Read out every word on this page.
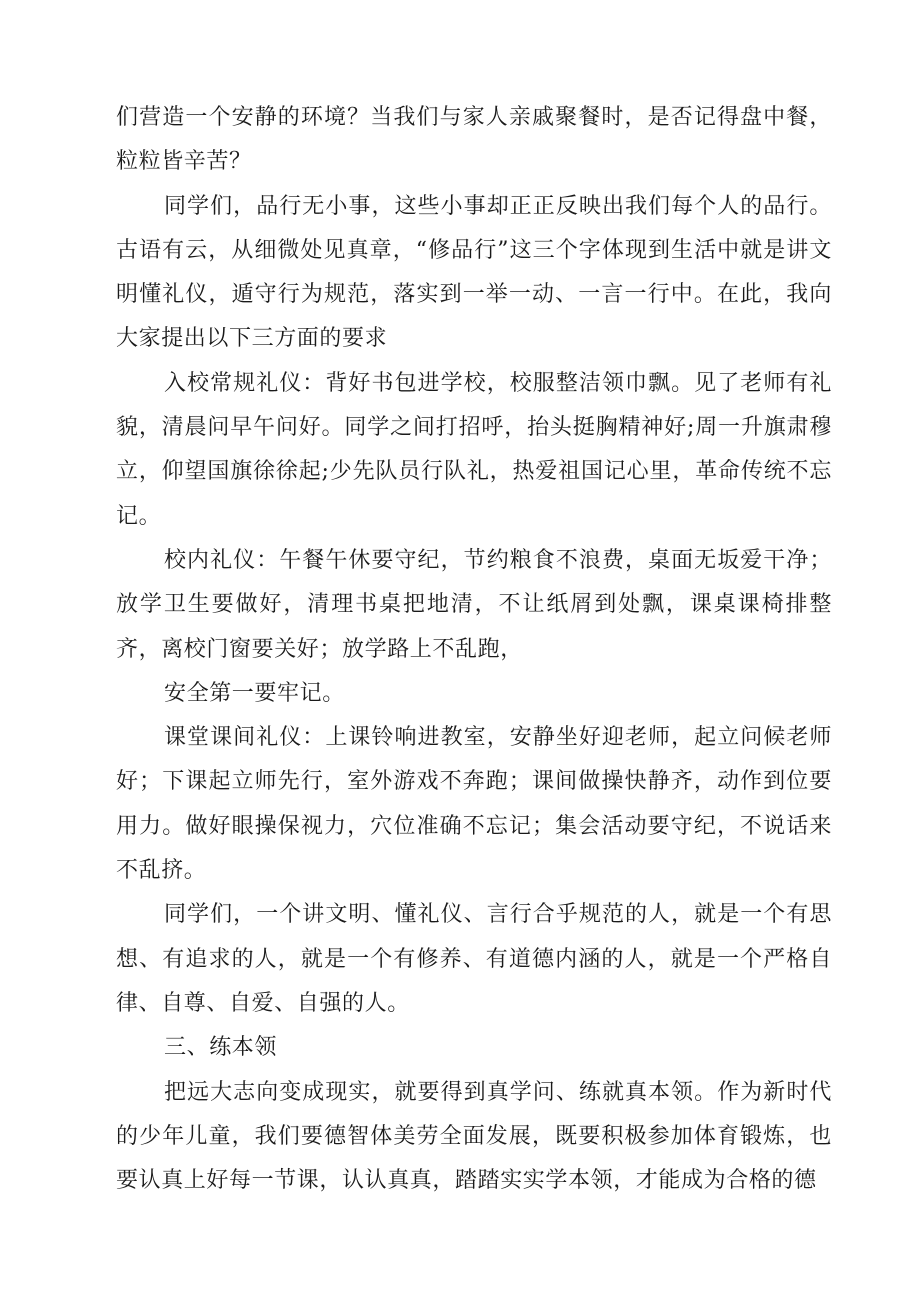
们营造一个安静的环境？当我们与家人亲戚聚餐时，是否记得盘中餐，粒粒皆辛苦？

同学们，品行无小事，这些小事却正正反映出我们每个人的品行。古语有云，从细微处见真章，“修品行”这三个字体现到生活中就是讲文明懂礼仪，遁守行为规范，落实到一举一动、一言一行中。在此，我向大家提出以下三方面的要求

入校常规礼仪：背好书包进学校，校服整洁领巾飘。见了老师有礼貌，清晨问早午问好。同学之间打招呼，抬头挺胸精神好;周一升旗肃穆立，仰望国旗徐徐起;少先队员行队礼，热爱祖国记心里，革命传统不忘记。

校内礼仪：午餐午休要守纪，节约粮食不浪费，桌面无坂爱干净；放学卫生要做好，清理书桌把地清，不让纸屑到处飘，课桌课椅排整齐，离校门窗要关好；放学路上不乱跑，

安全第一要牢记。

课堂课间礼仪：上课铃响进教室，安静坐好迎老师，起立问候老师好；下课起立师先行，室外游戏不奔跑；课间做操快静齐，动作到位要用力。做好眼操保视力，穴位准确不忘记；集会活动要守纪，不说话来不乱挤。

同学们，一个讲文明、懂礼仪、言行合乎规范的人，就是一个有思想、有追求的人，就是一个有修养、有道德内涵的人，就是一个严格自律、自尊、自爱、自强的人。

三、练本领

把远大志向变成现实，就要得到真学问、练就真本领。作为新时代的少年儿童，我们要德智体美劳全面发展，既要积极参加体育锻炼，也要认真上好每一节课，认认真真，踏踏实实学本领，才能成为合格的德
